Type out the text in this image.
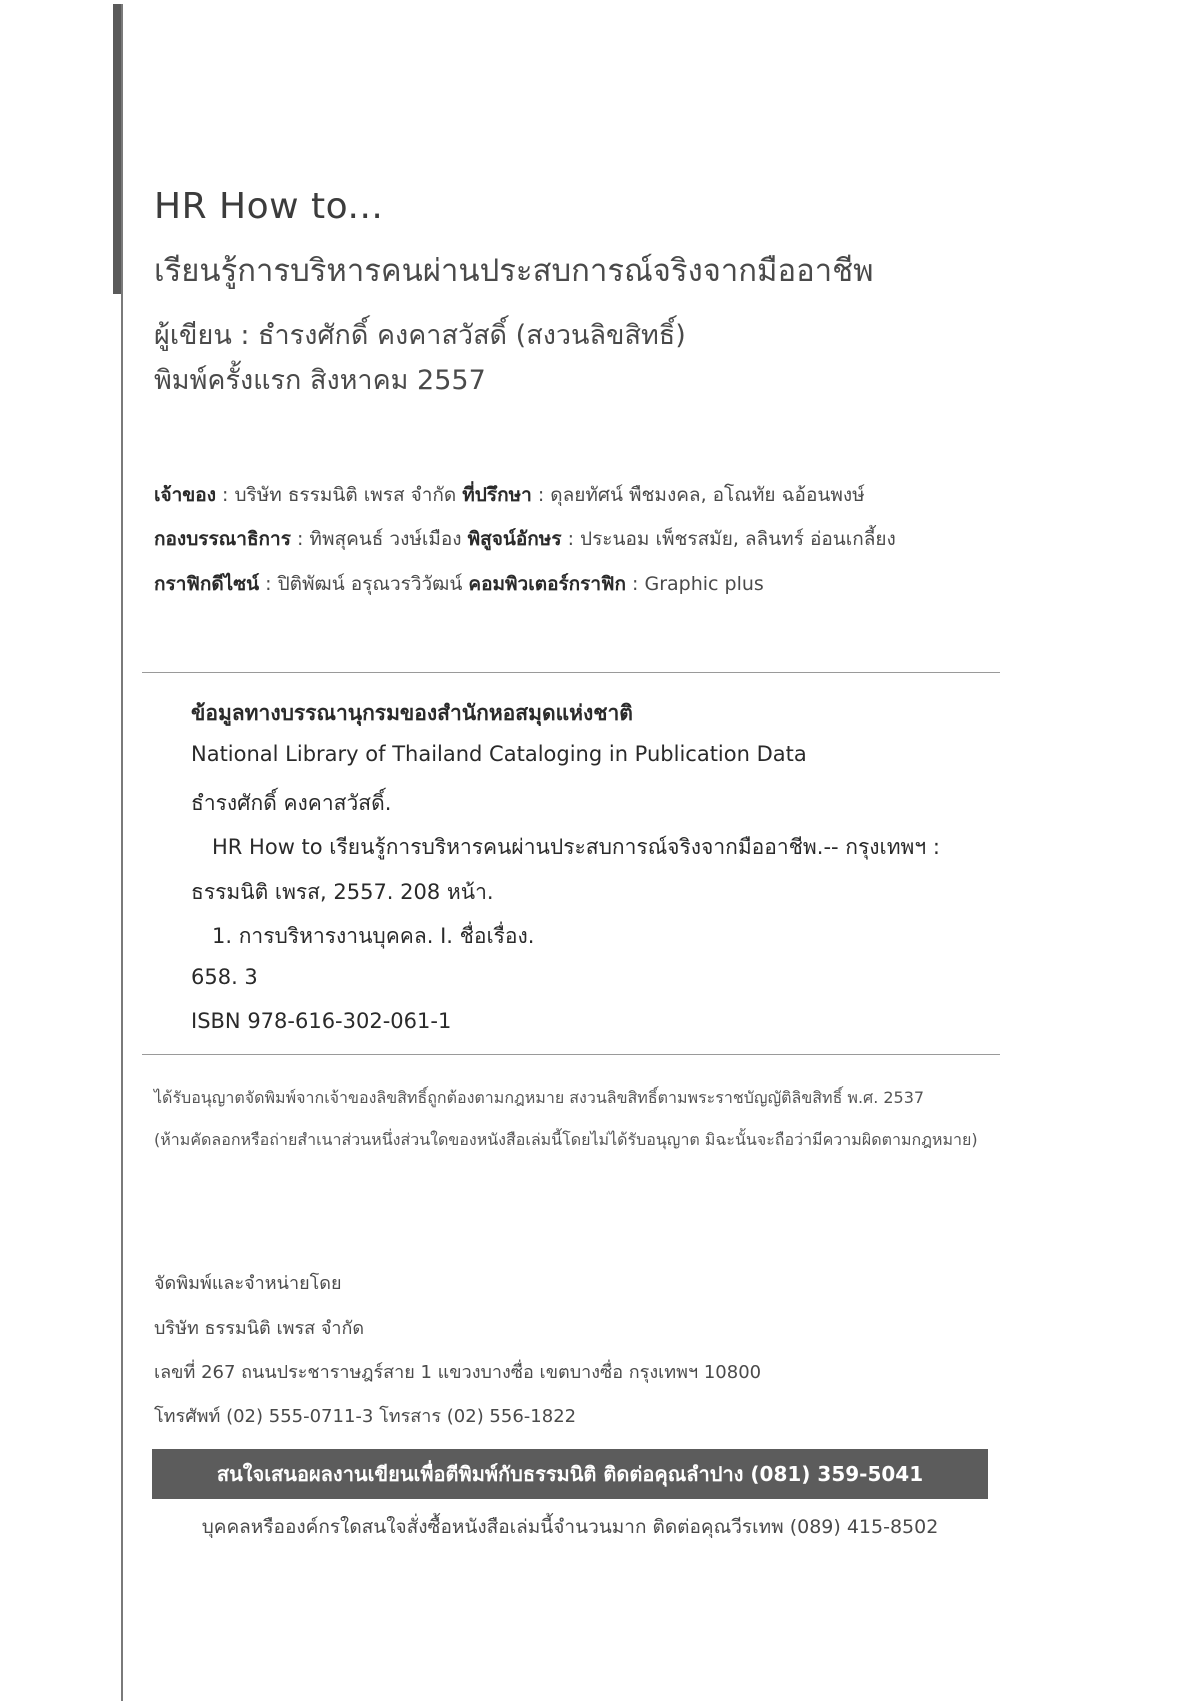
HR How to...
เรียนรู้การบริหารคนผ่านประสบการณ์จริงจากมืออาชีพ
ผู้เขียน : ธำรงศักดิ์ คงคาสวัสดิ์ (สงวนลิขสิทธิ์)
พิมพ์ครั้งแรก สิงหาคม 2557
เจ้าของ : บริษัท ธรรมนิติ เพรส จำกัด ที่ปรึกษา : ดุลยทัศน์ พืชมงคล, อโณทัย ฉอ้อนพงษ์
กองบรรณาธิการ : ทิพสุคนธ์ วงษ์เมือง พิสูจน์อักษร : ประนอม เพ็ชรสมัย, ลลินทร์ อ่อนเกลี้ยง
กราฟิกดีไซน์ : ปิติพัฒน์ อรุณวรวิวัฒน์ คอมพิวเตอร์กราฟิก : Graphic plus
ข้อมูลทางบรรณานุกรมของสำนักหอสมุดแห่งชาติ
National Library of Thailand Cataloging in Publication Data
ธำรงศักดิ์ คงคาสวัสดิ์.
HR How to เรียนรู้การบริหารคนผ่านประสบการณ์จริงจากมืออาชีพ.-- กรุงเทพฯ :
ธรรมนิติ เพรส, 2557. 208 หน้า.
1. การบริหารงานบุคคล. I. ชื่อเรื่อง.
658. 3
ISBN 978-616-302-061-1
ได้รับอนุญาตจัดพิมพ์จากเจ้าของลิขสิทธิ์ถูกต้องตามกฎหมาย สงวนลิขสิทธิ์ตามพระราชบัญญัติลิขสิทธิ์ พ.ศ. 2537
(ห้ามคัดลอกหรือถ่ายสำเนาส่วนหนึ่งส่วนใดของหนังสือเล่มนี้โดยไม่ได้รับอนุญาต มิฉะนั้นจะถือว่ามีความผิดตามกฎหมาย)
จัดพิมพ์และจำหน่ายโดย
บริษัท ธรรมนิติ เพรส จำกัด
เลขที่ 267 ถนนประชาราษฎร์สาย 1 แขวงบางซื่อ เขตบางซื่อ กรุงเทพฯ 10800
โทรศัพท์ (02) 555-0711-3 โทรสาร (02) 556-1822
สนใจเสนอผลงานเขียนเพื่อตีพิมพ์กับธรรมนิติ ติดต่อคุณลำปาง (081) 359-5041
บุคคลหรือองค์กรใดสนใจสั่งซื้อหนังสือเล่มนี้จำนวนมาก ติดต่อคุณวีรเทพ (089) 415-8502
